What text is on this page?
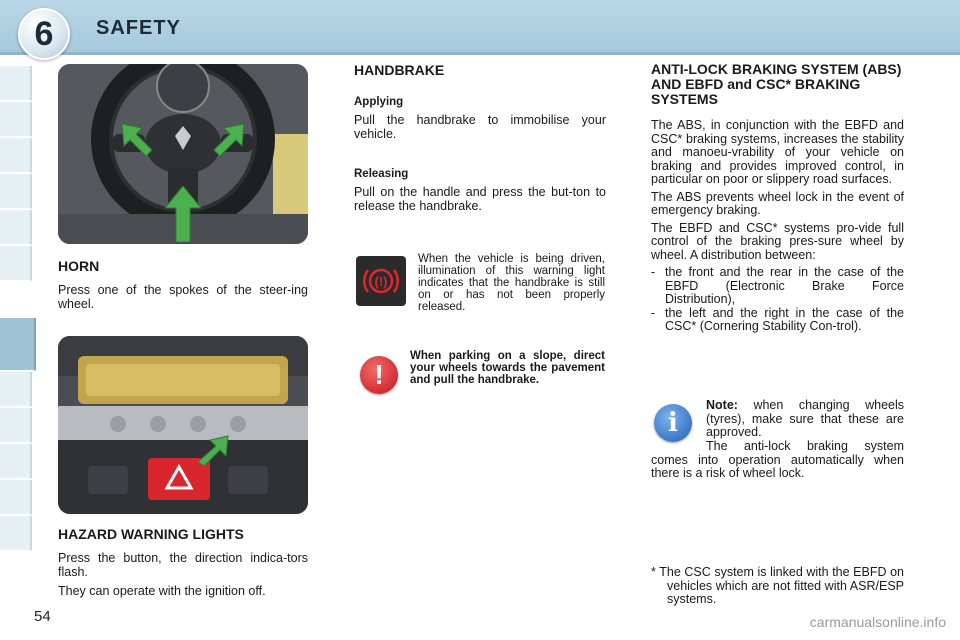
6	SAFETY

HORN

Press one of the spokes of the steer-ing wheel.

HAZARD WARNING LIGHTS

Press the button, the direction indica-tors flash.

They can operate with the ignition off.

HANDBRAKE

Applying

Pull the handbrake to immobilise your vehicle.

Releasing

Pull on the handle and press the but-ton to release the handbrake.

(!)

When the vehicle is being driven, illumination of this warning light indicates that the handbrake is still on or has not been properly released.

!

When parking on a slope, direct your wheels towards the pavement and pull the handbrake.

ANTI-LOCK BRAKING SYSTEM (ABS) AND EBFD and CSC* BRAKING SYSTEMS

The ABS, in conjunction with the EBFD and CSC* braking systems, increases the stability and manoeu-vrability of your vehicle on braking and provides improved control, in particular on poor or slippery road surfaces.

The ABS prevents wheel lock in the event of emergency braking.

The EBFD and CSC* systems pro-vide full control of the braking pres-sure wheel by wheel. A distribution between:

- the front and the rear in the case of the EBFD (Electronic Brake Force Distribution),
- the left and the right in the case of the CSC* (Cornering Stability Con-trol).
i

Note: when changing wheels (tyres), make sure that these are approved.

The anti-lock braking system comes into operation automatically when there is a risk of wheel lock.

* The CSC system is linked with the EBFD on vehicles which are not fitted with ASR/ESP systems.

54	carmanualsonline.info
